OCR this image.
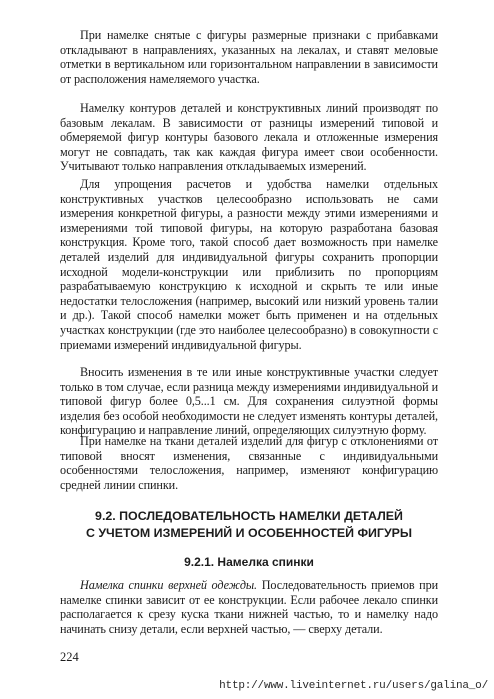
При намелке снятые с фигуры размерные признаки с прибавками откладывают в направлениях, указанных на лекалах, и ставят меловые отметки в вертикальном или горизонтальном направлении в зависимости от расположения намеляемого участка.

Намелку контуров деталей и конструктивных линий производят по базовым лекалам. В зависимости от разницы измерений типовой и обмеряемой фигур контуры базового лекала и отложенные измерения могут не совпадать, так как каждая фигура имеет свои особенности. Учитывают только направления откладываемых измерений.

Для упрощения расчетов и удобства намелки отдельных конструктивных участков целесообразно использовать не сами измерения конкретной фигуры, а разности между этими измерениями и измерениями той типовой фигуры, на которую разработана базовая конструкция. Кроме того, такой способ дает возможность при намелке деталей изделий для индивидуальной фигуры сохранить пропорции исходной модели-конструкции или приблизить по пропорциям разрабатываемую конструкцию к исходной и скрыть те или иные недостатки телосложения (например, высокий или низкий уровень талии и др.). Такой способ намелки может быть применен и на отдельных участках конструкции (где это наиболее целесообразно) в совокупности с приемами измерений индивидуальной фигуры.

Вносить изменения в те или иные конструктивные участки следует только в том случае, если разница между измерениями индивидуальной и типовой фигур более 0,5...1 см. Для сохранения силуэтной формы изделия без особой необходимости не следует изменять контуры деталей, конфигурацию и направление линий, определяющих силуэтную форму.

При намелке на ткани деталей изделий для фигур с отклонениями от типовой вносят изменения, связанные с индивидуальными особенностями телосложения, например, изменяют конфигурацию средней линии спинки.

9.2. ПОСЛЕДОВАТЕЛЬНОСТЬ НАМЕЛКИ ДЕТАЛЕЙ
С УЧЕТОМ ИЗМЕРЕНИЙ И ОСОБЕННОСТЕЙ ФИГУРЫ

9.2.1. Намелка спинки

Намелка спинки верхней одежды. Последовательность приемов при намелке спинки зависит от ее конструкции. Если рабочее лекало спинки располагается к срезу куска ткани нижней частью, то и намелку надо начинать снизу детали, если верхней частью, — сверху детали.

224

http://www.liveinternet.ru/users/galina_o/
